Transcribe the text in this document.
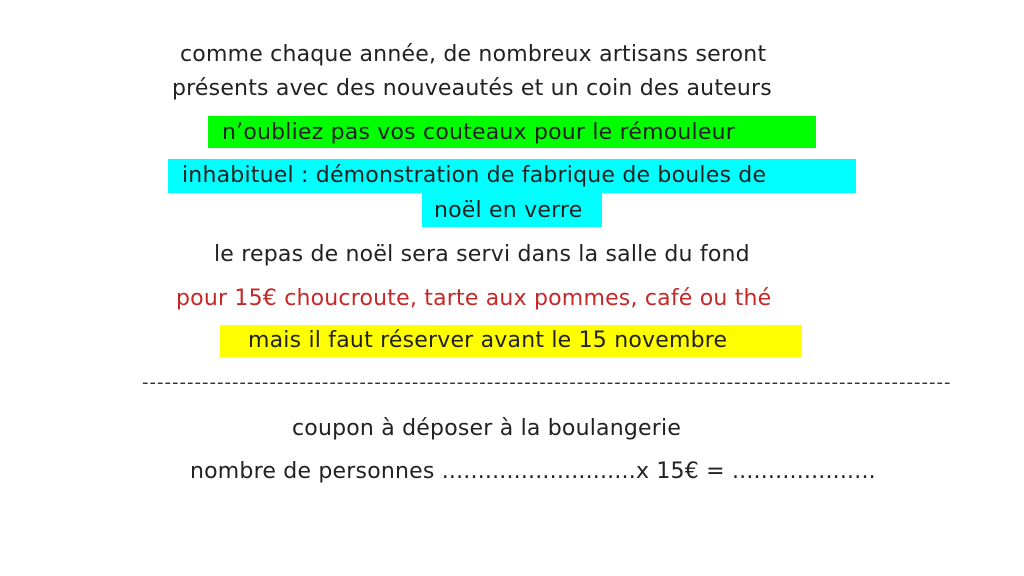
comme chaque année, de nombreux artisans seront
présents avec des nouveautés et un coin des auteurs
n’oubliez pas vos couteaux pour le rémouleur
inhabituel : démonstration de fabrique de boules de
noël en verre
le repas de noël sera servi dans la salle du fond
pour 15€ choucroute, tarte aux pommes, café ou thé
mais il faut réserver avant le 15 novembre
------------------------------------------------------------------------------------------------------------
coupon à déposer à la boulangerie
nombre de personnes ...........................x 15€ = ....................
